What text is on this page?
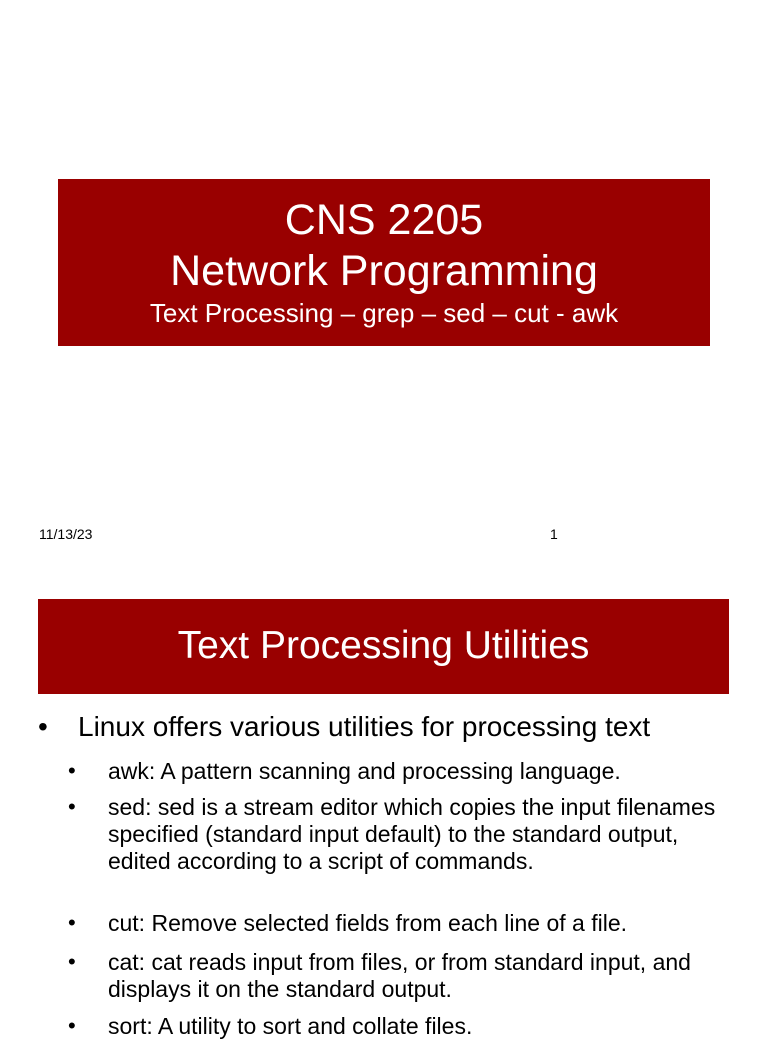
CNS 2205
Network Programming
Text Processing – grep – sed – cut - awk
11/13/23	1
Text Processing Utilities
• Linux offers various utilities for processing text
• awk: A pattern scanning and processing language.
• sed: sed is a stream editor which copies the input filenames specified (standard input default) to the standard output, edited according to a script of commands.
• cut: Remove selected fields from each line of a file.
• cat: cat reads input from files, or from standard input, and displays it on the standard output.
• sort: A utility to sort and collate files.
